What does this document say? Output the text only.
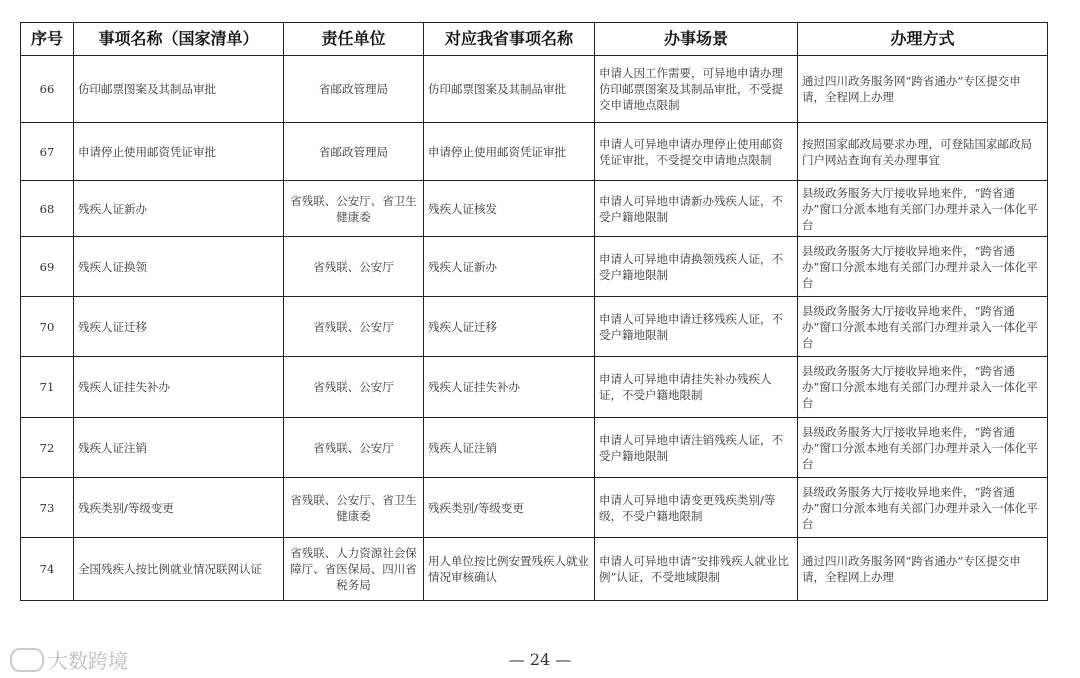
序号	事项名称（国家清单）	责任单位	对应我省事项名称	办事场景	办理方式
66	仿印邮票图案及其制品审批	省邮政管理局	仿印邮票图案及其制品审批	申请人因工作需要，可异地申请办理仿印邮票图案及其制品审批，不受提交申请地点限制	通过四川政务服务网“跨省通办”专区提交申请，全程网上办理
67	申请停止使用邮资凭证审批	省邮政管理局	申请停止使用邮资凭证审批	申请人可异地申请办理停止使用邮资凭证审批，不受提交申请地点限制	按照国家邮政局要求办理，可登陆国家邮政局门户网站查询有关办理事宜
68	残疾人证新办	省残联、公安厅、省卫生健康委	残疾人证核发	申请人可异地申请新办残疾人证，不受户籍地限制	县级政务服务大厅接收异地来件，“跨省通办”窗口分派本地有关部门办理并录入一体化平台
69	残疾人证换领	省残联、公安厅	残疾人证新办	申请人可异地申请换领残疾人证，不受户籍地限制	县级政务服务大厅接收异地来件，“跨省通办”窗口分派本地有关部门办理并录入一体化平台
70	残疾人证迁移	省残联、公安厅	残疾人证迁移	申请人可异地申请迁移残疾人证，不受户籍地限制	县级政务服务大厅接收异地来件，“跨省通办”窗口分派本地有关部门办理并录入一体化平台
71	残疾人证挂失补办	省残联、公安厅	残疾人证挂失补办	申请人可异地申请挂失补办残疾人证，不受户籍地限制	县级政务服务大厅接收异地来件，“跨省通办”窗口分派本地有关部门办理并录入一体化平台
72	残疾人证注销	省残联、公安厅	残疾人证注销	申请人可异地申请注销残疾人证，不受户籍地限制	县级政务服务大厅接收异地来件，“跨省通办”窗口分派本地有关部门办理并录入一体化平台
73	残疾类别/等级变更	省残联、公安厅、省卫生健康委	残疾类别/等级变更	申请人可异地申请变更残疾类别/等级，不受户籍地限制	县级政务服务大厅接收异地来件，“跨省通办”窗口分派本地有关部门办理并录入一体化平台
74	全国残疾人按比例就业情况联网认证	省残联、人力资源社会保障厅、省医保局、四川省税务局	用人单位按比例安置残疾人就业情况审核确认	申请人可异地申请“安排残疾人就业比例”认证，不受地域限制	通过四川政务服务网“跨省通办”专区提交申请，全程网上办理
大数跨境	— 24 —
